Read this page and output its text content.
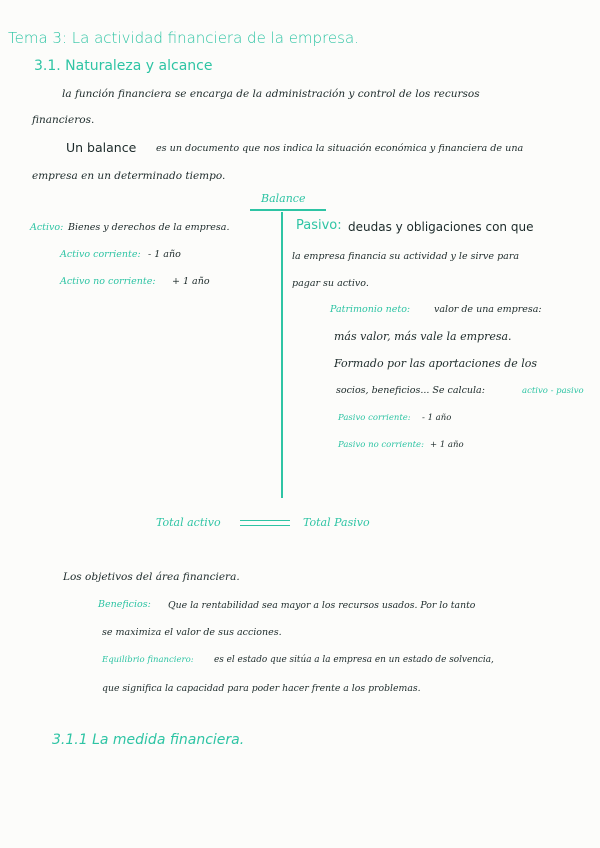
Tema 3: La actividad financiera de la empresa.
3.1. Naturaleza y alcance
la función financiera se encarga de la administración y control de los recursos
financieros.
Un balance es un documento que nos indica la situación económica y financiera de una
empresa en un determinado tiempo.
Balance
Activo: Bienes y derechos de la empresa.
Activo corriente: - 1 año
Activo no corriente: + 1 año
Pasivo: deudas y obligaciones con que
la empresa financia su actividad y le sirve para
pagar su activo.
Patrimonio neto:	valor de una empresa:
más valor, más vale la empresa.
Formado por las aportaciones de los
socios, beneficios... Se calcula:	activo - pasivo
Pasivo corriente: - 1 año
Pasivo no corriente: + 1 año
Total activo	Total Pasivo
Los objetivos del área financiera.
Beneficios: Que la rentabilidad sea mayor a los recursos usados. Por lo tanto
se maximiza el valor de sus acciones.
Equilibrio financiero: es el estado que sitúa a la empresa en un estado de solvencia,
que significa la capacidad para poder hacer frente a los problemas.
3.1.1 La medida financiera.
